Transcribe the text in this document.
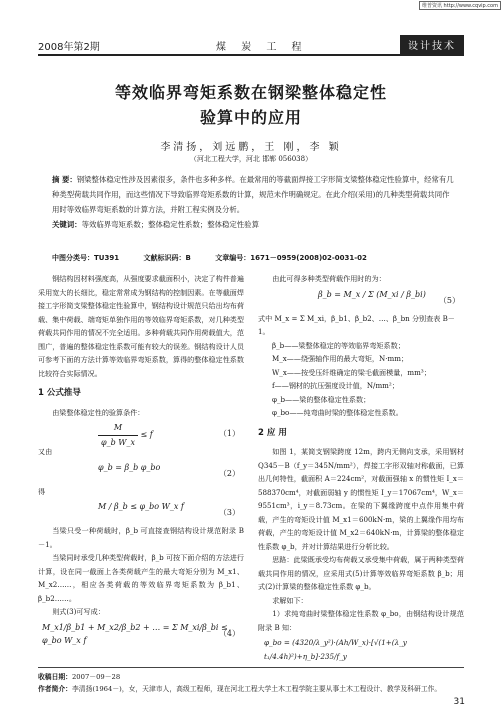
维普资讯 http://www.cqvip.com
2008年第2期	煤 炭 工 程	设计技术
等效临界弯矩系数在钢梁整体稳定性
验算中的应用
李清扬，刘远鹏，王 刚，李 颖
（河北工程大学，河北 邯郸 056038）
摘 要：钢梁整体稳定性涉及因素很多，条件也多种多样。在最常用的等截面焊接工字形简支梁整体稳定性验算中，经常有几种类型荷载共同作用，而这些情况下导致临界弯矩系数的计算，规范未作明确规定。在此介绍(采用)的几种类型荷载共同作用时等效临界弯矩系数的计算方法，并附工程实例及分析。
关键词：等效临界弯矩系数；整体稳定性系数；整体稳定性验算
中图分类号：TU391	文献标识码：B	文章编号：1671－0959(2008)02-0031-02

钢结构因材料强度高，从强度要求截面积小，决定了构件普遍采用宽大的长细比，稳定常常成为钢结构的控制因素。在等截面焊接工字形简支梁整体稳定性验算中，钢结构设计规范只给出均布荷载、集中荷载、端弯矩单独作用的等效临界弯矩系数，对几种类型荷载共同作用的情况不完全适用。多种荷载共同作用荷载值大，范围广，普遍的整体稳定性系数可能有较大的误差。钢结构设计人员可参考下面的方法计算等效临界弯矩系数，算得的整体稳定性系数比较符合实际情况。

1 公式推导

由梁整体稳定性的验算条件：

$\frac{M}{\text{φ\_b W\_x}} \le f$	（1）
又由
φ_b = β_b φ_bo
（2）
得
M / β_b ≤ φ_bo W_x f
（3）

当梁只受一种荷载时，β_b 可直接查钢结构设计规范附录 B－1。

当梁同时承受几种类型荷载时，β_b 可按下面介绍的方法进行计算，设在同一截面上各类荷载产生的最大弯矩分别为 M_x1、M_x2……，相应各类荷载的等效临界弯矩系数为 β_b1、β_b2……。

则式(3)可写成：

M_x1/β_b1 + M_x2/β_b2 + … = Σ M_xi/β_bi ≤ φ_bo W_x f
（4）

由此可得多种类型荷载作用时的为：

β_b = M_x / Σ (M_xi / β_bi)
（5）
式中 M_x = Σ M_xi，β_b1、β_b2、…、β_bn 分别查表 B－1。
β_b——梁整体稳定的等效临界弯矩系数；
M_x——绕强轴作用的最大弯矩，N·mm；
W_x——按受压纤维确定的梁毛截面模量，mm³；
f——钢材的抗压强度设计值，N/mm²；
φ_b——梁的整体稳定性系数；
φ_bo——纯弯曲时梁的整体稳定性系数。
2 应 用

如图 1，某简支钢梁跨度 12m，跨内无侧向支承，采用钢材 Q345－B（f_y＝345N/mm²），焊接工字形双轴对称截面，已算出几何特性，截面积 A＝224cm²，对截面强轴 x 的惯性矩 I_x＝588370cm⁴，对截面弱轴 y 的惯性矩 I_y＝17067cm⁴，W_x＝9551cm³，i_y＝8.73cm。在梁的下翼缘跨度中点作用集中荷载，产生的弯矩设计值 M_x1＝600kN·m，梁的上翼缘作用均布荷载，产生的弯矩设计值 M_x2＝640kN·m，计算梁的整体稳定性系数 φ_b，并对计算结果进行分析比较。

思路：此梁既承受均布荷载又承受集中荷载，属于两种类型荷载共同作用的情况，应采用式(5)计算等效临界弯矩系数 β_b；用式(2)计算梁的整体稳定性系数 φ_b。

求解如下：

1）求纯弯曲时梁整体稳定性系数 φ_bo，由钢结构设计规范附录 B 知：

φ_bo = (4320/λ_y²)·(Ah/W_x)·[√(1+(λ_y t₁/4.4h)²)+η_b]·235/f_y
收稿日期：2007－09－28
作者简介：李清扬(1964－)，女，天津市人，高级工程师，现在河北工程大学土木工程学院主要从事土木工程设计、教学及科研工作。
31
